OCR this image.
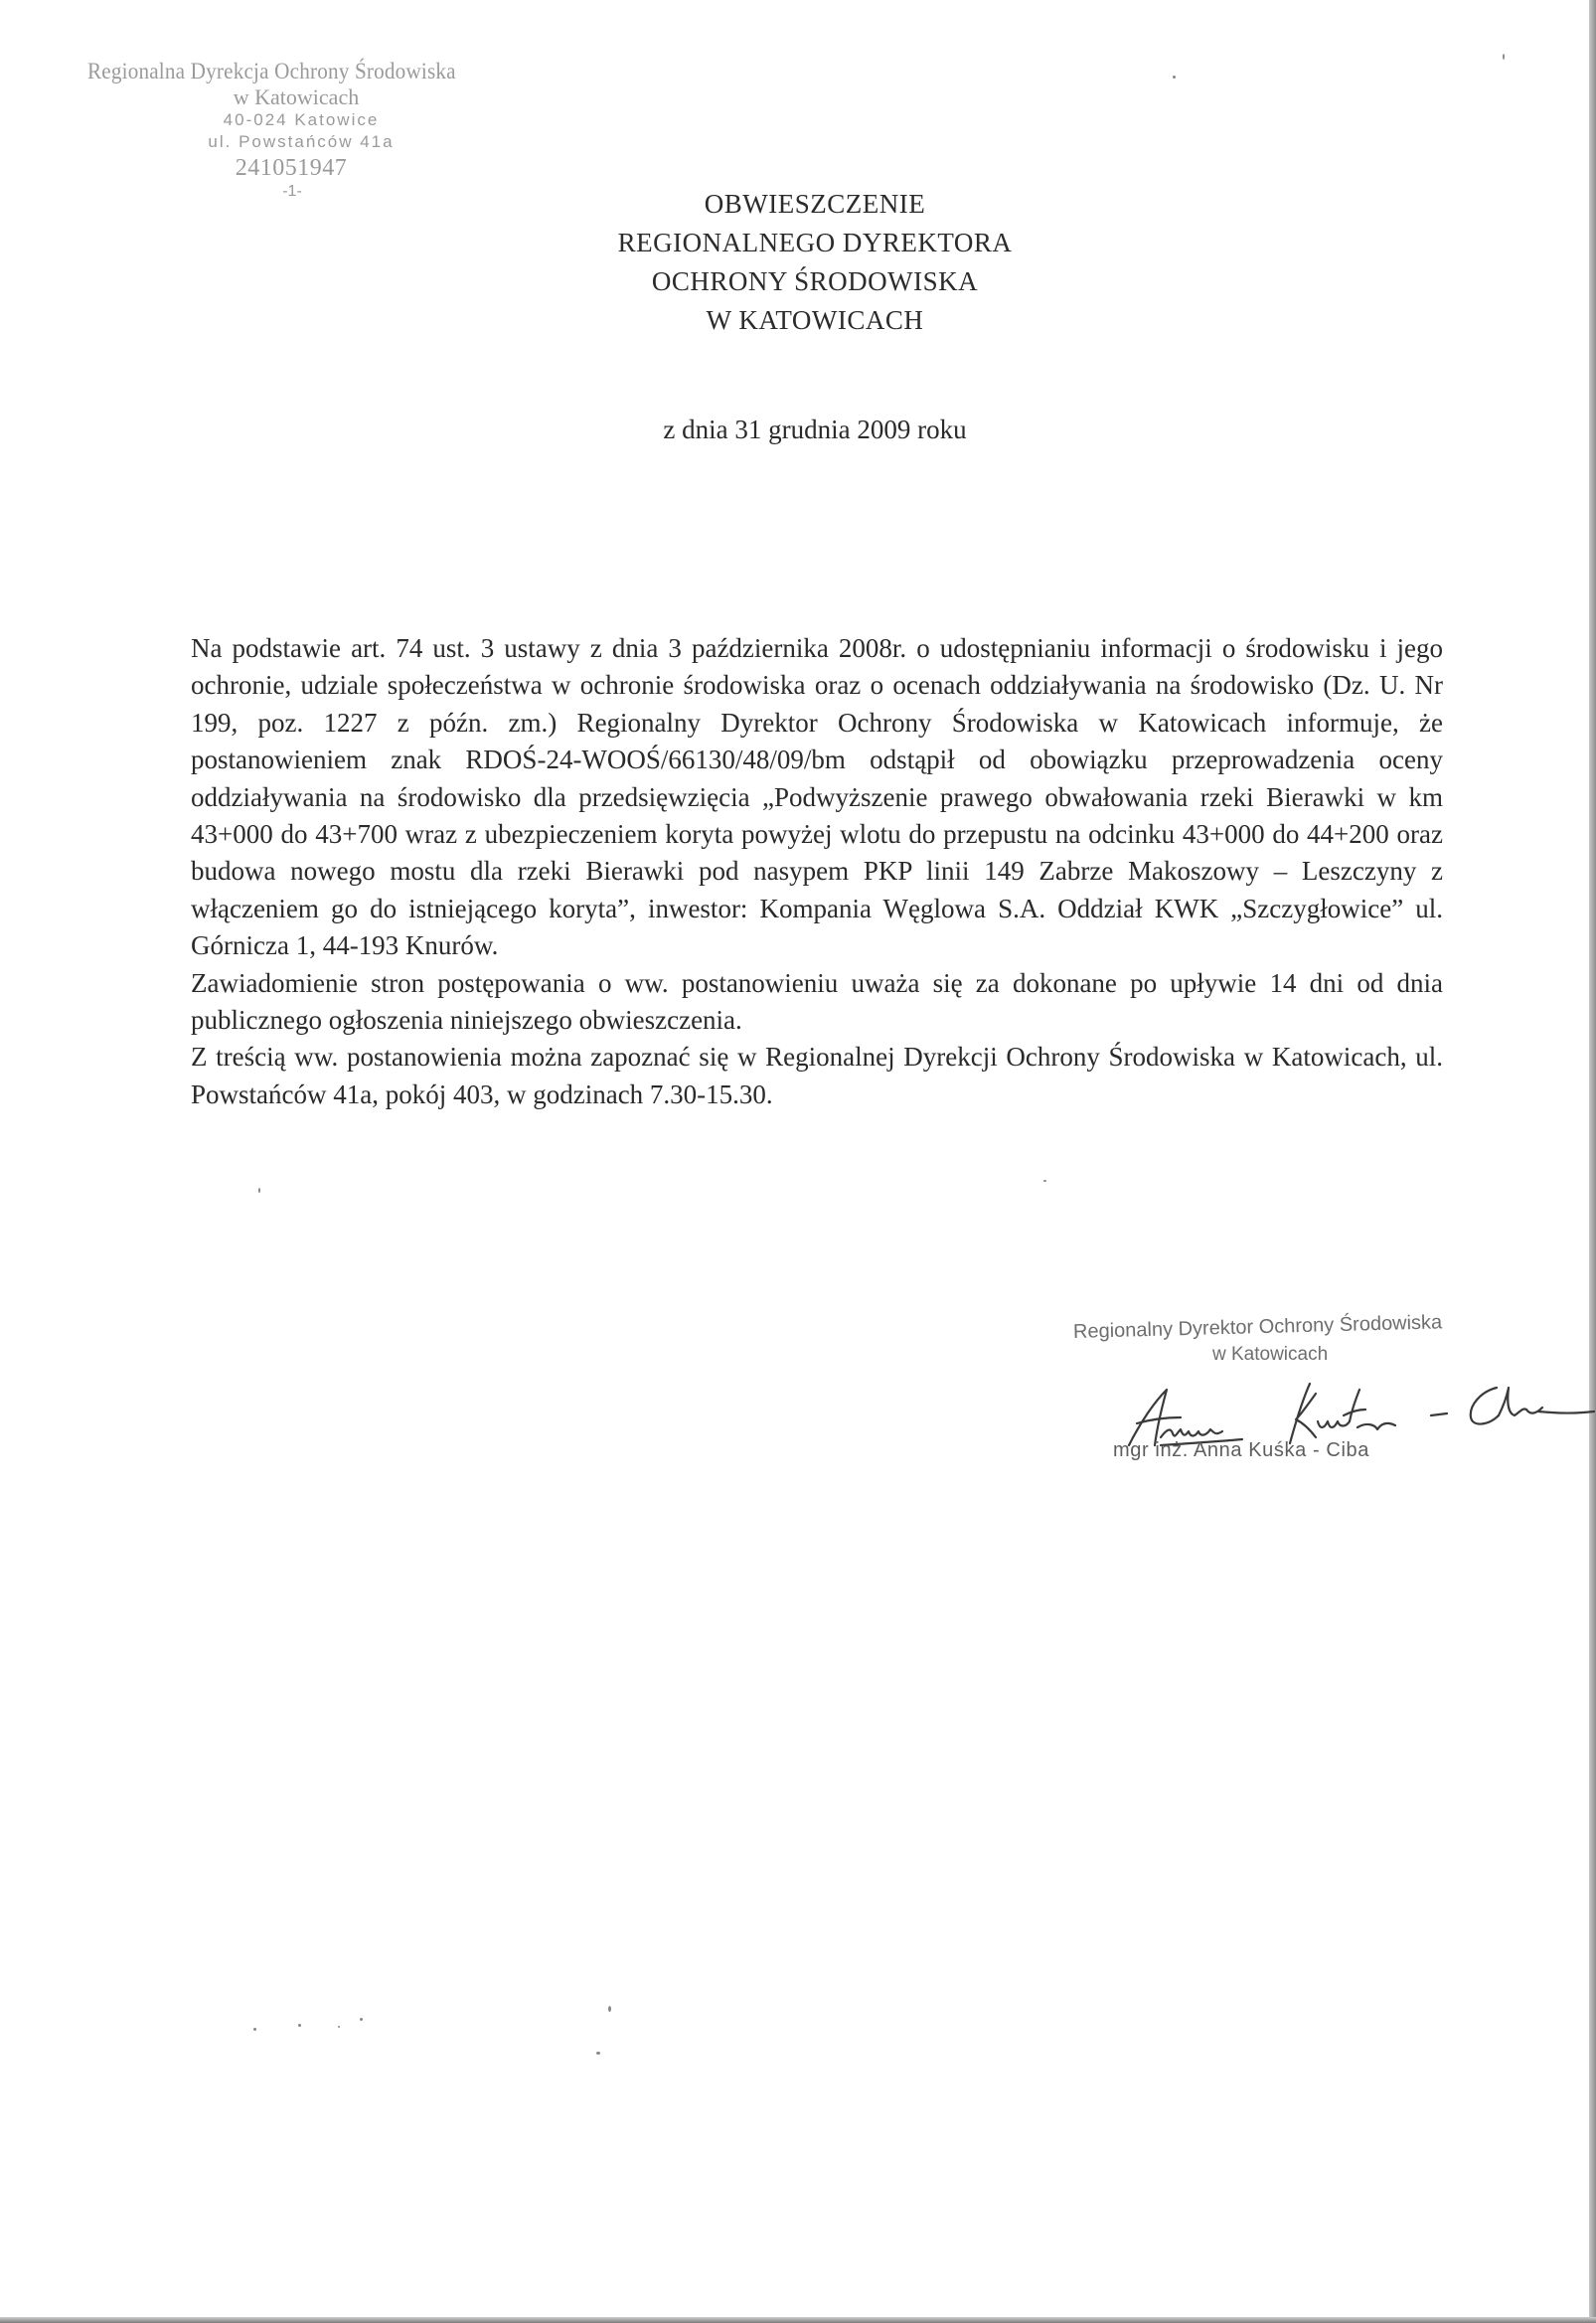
Regionalna Dyrekcja Ochrony Środowiska
w Katowicach
40-024 Katowice
ul. Powstańców 41a
241051947
-1-	OBWIESZCZENIE
REGIONALNEGO DYREKTORA
OCHRONY ŚRODOWISKA
W KATOWICACH
z dnia 31 grudnia 2009 roku

Na podstawie art. 74 ust. 3 ustawy z dnia 3 października 2008r. o udostępnianiu informacji o środowisku i jego ochronie, udziale społeczeństwa w ochronie środowiska oraz o ocenach oddziaływania na środowisko (Dz. U. Nr 199, poz. 1227 z późn. zm.) Regionalny Dyrektor Ochrony Środowiska w Katowicach informuje, że postanowieniem znak RDOŚ-24-WOOŚ/66130/48/09/bm odstąpił od obowiązku przeprowadzenia oceny oddziaływania na środowisko dla przedsięwzięcia „Podwyższenie prawego obwałowania rzeki Bierawki w km 43+000 do 43+700 wraz z ubezpieczeniem koryta powyżej wlotu do przepustu na odcinku 43+000 do 44+200 oraz budowa nowego mostu dla rzeki Bierawki pod nasypem PKP linii 149 Zabrze Makoszowy – Leszczyny z włączeniem go do istniejącego koryta”, inwestor: Kompania Węglowa S.A. Oddział KWK „Szczygłowice” ul. Górnicza 1, 44-193 Knurów.

Zawiadomienie stron postępowania o ww. postanowieniu uważa się za dokonane po upływie 14 dni od dnia publicznego ogłoszenia niniejszego obwieszczenia.

Z treścią ww. postanowienia można zapoznać się w Regionalnej Dyrekcji Ochrony Środowiska w Katowicach, ul. Powstańców 41a, pokój 403, w godzinach 7.30-15.30.

Regionalny Dyrektor Ochrony Środowiska
w Katowicach
mgr inż. Anna Kuśka - Ciba
